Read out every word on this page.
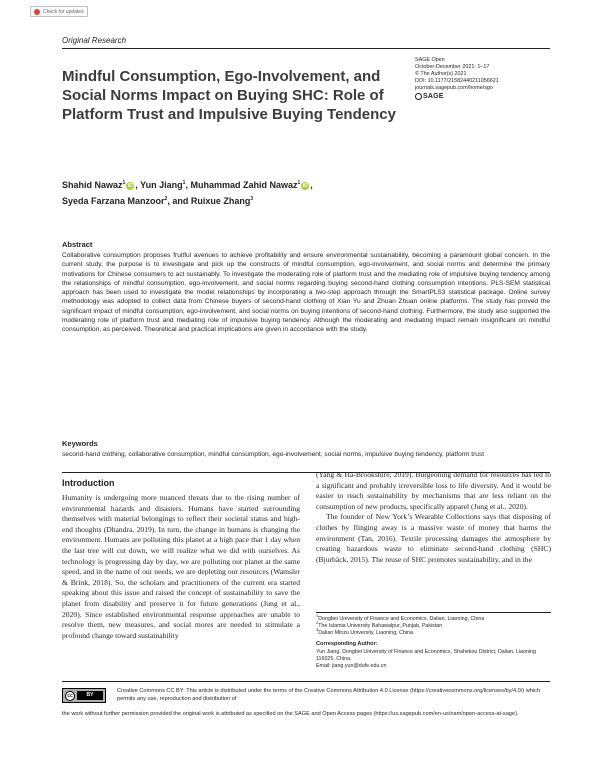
Check for updates
Original Research
Mindful Consumption, Ego-Involvement, and Social Norms Impact on Buying SHC: Role of Platform Trust and Impulsive Buying Tendency
SAGE Open
October-December 2021: 1–17
© The Author(s) 2021
DOI: 10.1177/21582440211056621
journals.sagepub.com/home/sgo
SAGE
Shahid Nawaz$^1$ iD , Yun Jiang$^1$, Muhammad Zahid Nawaz$^1$ iD ,
Syeda Farzana Manzoor$^2$, and Ruixue Zhang$^3$
Abstract

Collaborative consumption proposes fruitful avenues to achieve profitability and ensure environmental sustainability, becoming a paramount global concern. In the current study, the purpose is to investigate and pick up the constructs of mindful consumption, ego-involvement, and social norms and determine the primary motivations for Chinese consumers to act sustainably. To investigate the moderating role of platform trust and the mediating role of impulsive buying tendency among the relationships of mindful consumption, ego-involvement, and social norms regarding buying second-hand clothing consumption intentions. PLS-SEM statistical approach has been used to investigate the model relationships by incorporating a two-step approach through the SmartPLS3 statistical package. Online survey methodology was adopted to collect data from Chinese buyers of second-hand clothing of Xian Yu and Zhuan Zhuan online platforms. The study has proved the significant impact of mindful consumption, ego-involvement, and social norms on buying intentions of second-hand clothing. Furthermore, the study also supported the moderating role of platform trust and mediating role of impulsive buying tendency. Although the moderating and mediating impact remain insignificant on mindful consumption, as perceived. Theoretical and practical implications are given in accordance with the study.

Keywords

second-hand clothing, collaborative consumption, mindful consumption, ego-involvement, social norms, impulsive buying tendency, platform trust

Introduction

Humanity is undergoing more nuanced threats due to the rising number of environmental hazards and disasters. Humans have started surrounding themselves with material belongings to reflect their societal status and high-end thoughts (Dhandra, 2019). In turn, the change in humans is changing the environment. Humans are polluting this planet at a high pace that 1 day when the last tree will cut down, we will realize what we did with ourselves. As technology is progressing day by day, we are polluting our planet at the same speed, and in the name of our needs, we are depleting our resources (Wamsler & Brink, 2018). So, the scholars and practitioners of the current era started speaking about this issue and raised the concept of sustainability to save the planet from disability and preserve it for future generations (Jung et al., 2020). Since established environmental response approaches are unable to resolve them, new measures, and social mores are needed to stimulate a profound change toward sustainability

(Yang & Ha-Brookshire, 2019). Burgeoning demand for resources has led to a significant and probably irreversible loss to life diversity. And it would be easier to reach sustainability by mechanisms that are less reliant on the consumption of new products, specifically apparel (Jung et al., 2020).

The founder of New York’s Wearable Collections says that disposing of clothes by flinging away is a massive waste of money that harms the environment (Tan, 2016). Textile processing damages the atmosphere by creating hazardous waste to eliminate second-hand clothing (SHC) (Bjurbäck, 2015). The reuse of SHC promotes sustainability, and in the

$^1$Dongbei University of Finance and Economics, Dalian, Liaoning, China
$^2$The Islamia University Bahawalpur, Punjab, Pakistan
$^3$Dalian Minzu University, Liaoning, China
Corresponding Author:
Yun Jiang, Dongbei University of Finance and Economics, Shahekou District, Dalian, Liaoning 116025, China.
Email: jiang.yun@dufe.edu.cn
cc	BY

Creative Commons CC BY: This article is distributed under the terms of the Creative Commons Attribution 4.0 License (https://creativecommons.org/licenses/by/4.0/) which permits any use, reproduction and distribution of

the work without further permission provided the original work is attributed as specified on the SAGE and Open Access pages (https://us.sagepub.com/en-us/nam/open-access-at-sage).
